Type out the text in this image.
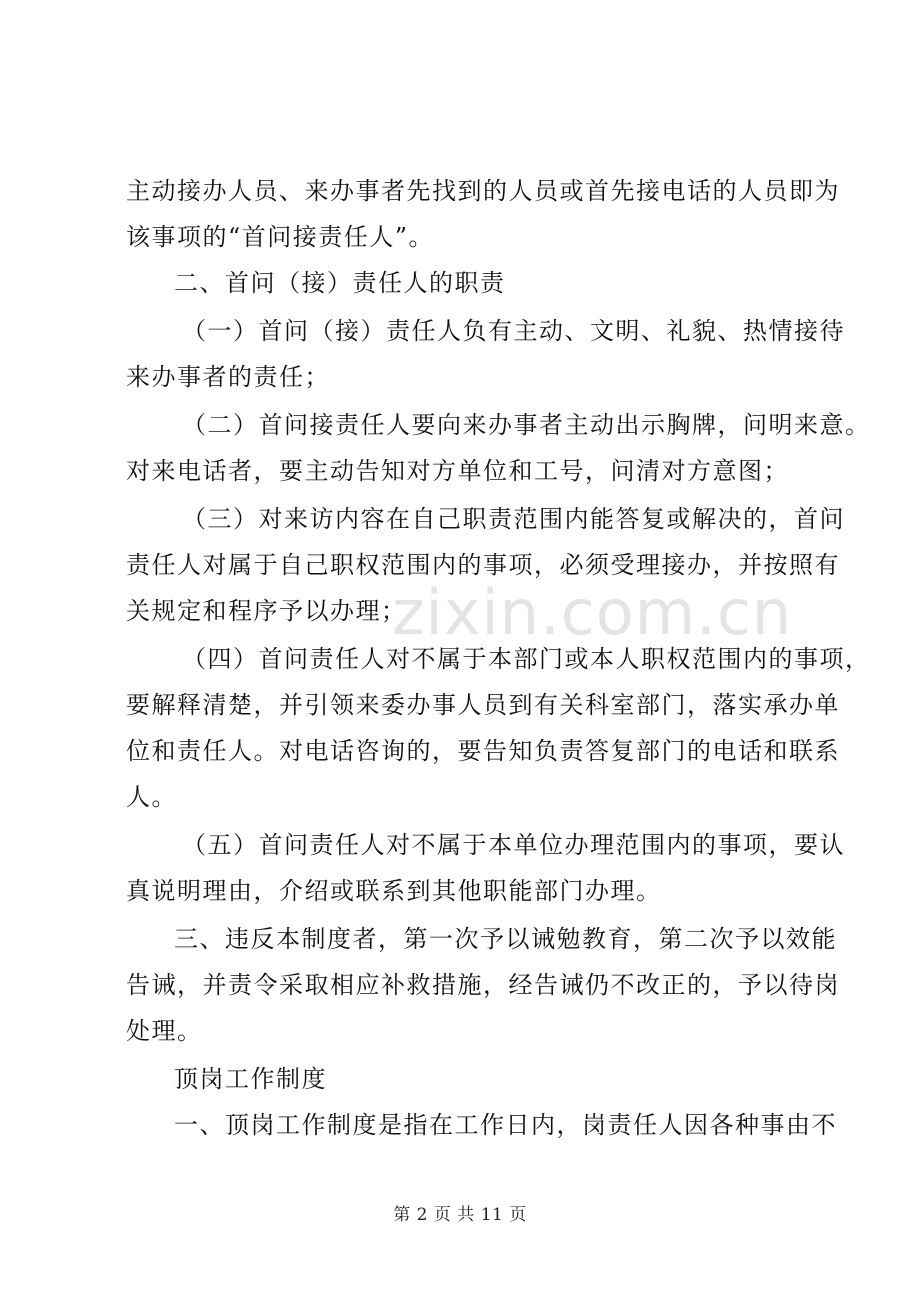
主动接办人员、来办事者先找到的人员或首先接电话的人员即为
该事项的“首问接责任人”。
二、首问（接）责任人的职责
（一）首问（接）责任人负有主动、文明、礼貌、热情接待
来办事者的责任；
（二）首问接责任人要向来办事者主动出示胸牌，问明来意。
对来电话者，要主动告知对方单位和工号，问清对方意图；
（三）对来访内容在自己职责范围内能答复或解决的，首问
责任人对属于自己职权范围内的事项，必须受理接办，并按照有
关规定和程序予以办理；
（四）首问责任人对不属于本部门或本人职权范围内的事项，
要解释清楚，并引领来委办事人员到有关科室部门，落实承办单
位和责任人。对电话咨询的，要告知负责答复部门的电话和联系
人。
（五）首问责任人对不属于本单位办理范围内的事项，要认
真说明理由，介绍或联系到其他职能部门办理。
三、违反本制度者，第一次予以诫勉教育，第二次予以效能
告诫，并责令采取相应补救措施，经告诫仍不改正的，予以待岗
处理。
顶岗工作制度
一、顶岗工作制度是指在工作日内，岗责任人因各种事由不
zixin.com.cn
第 2 页 共 11 页
